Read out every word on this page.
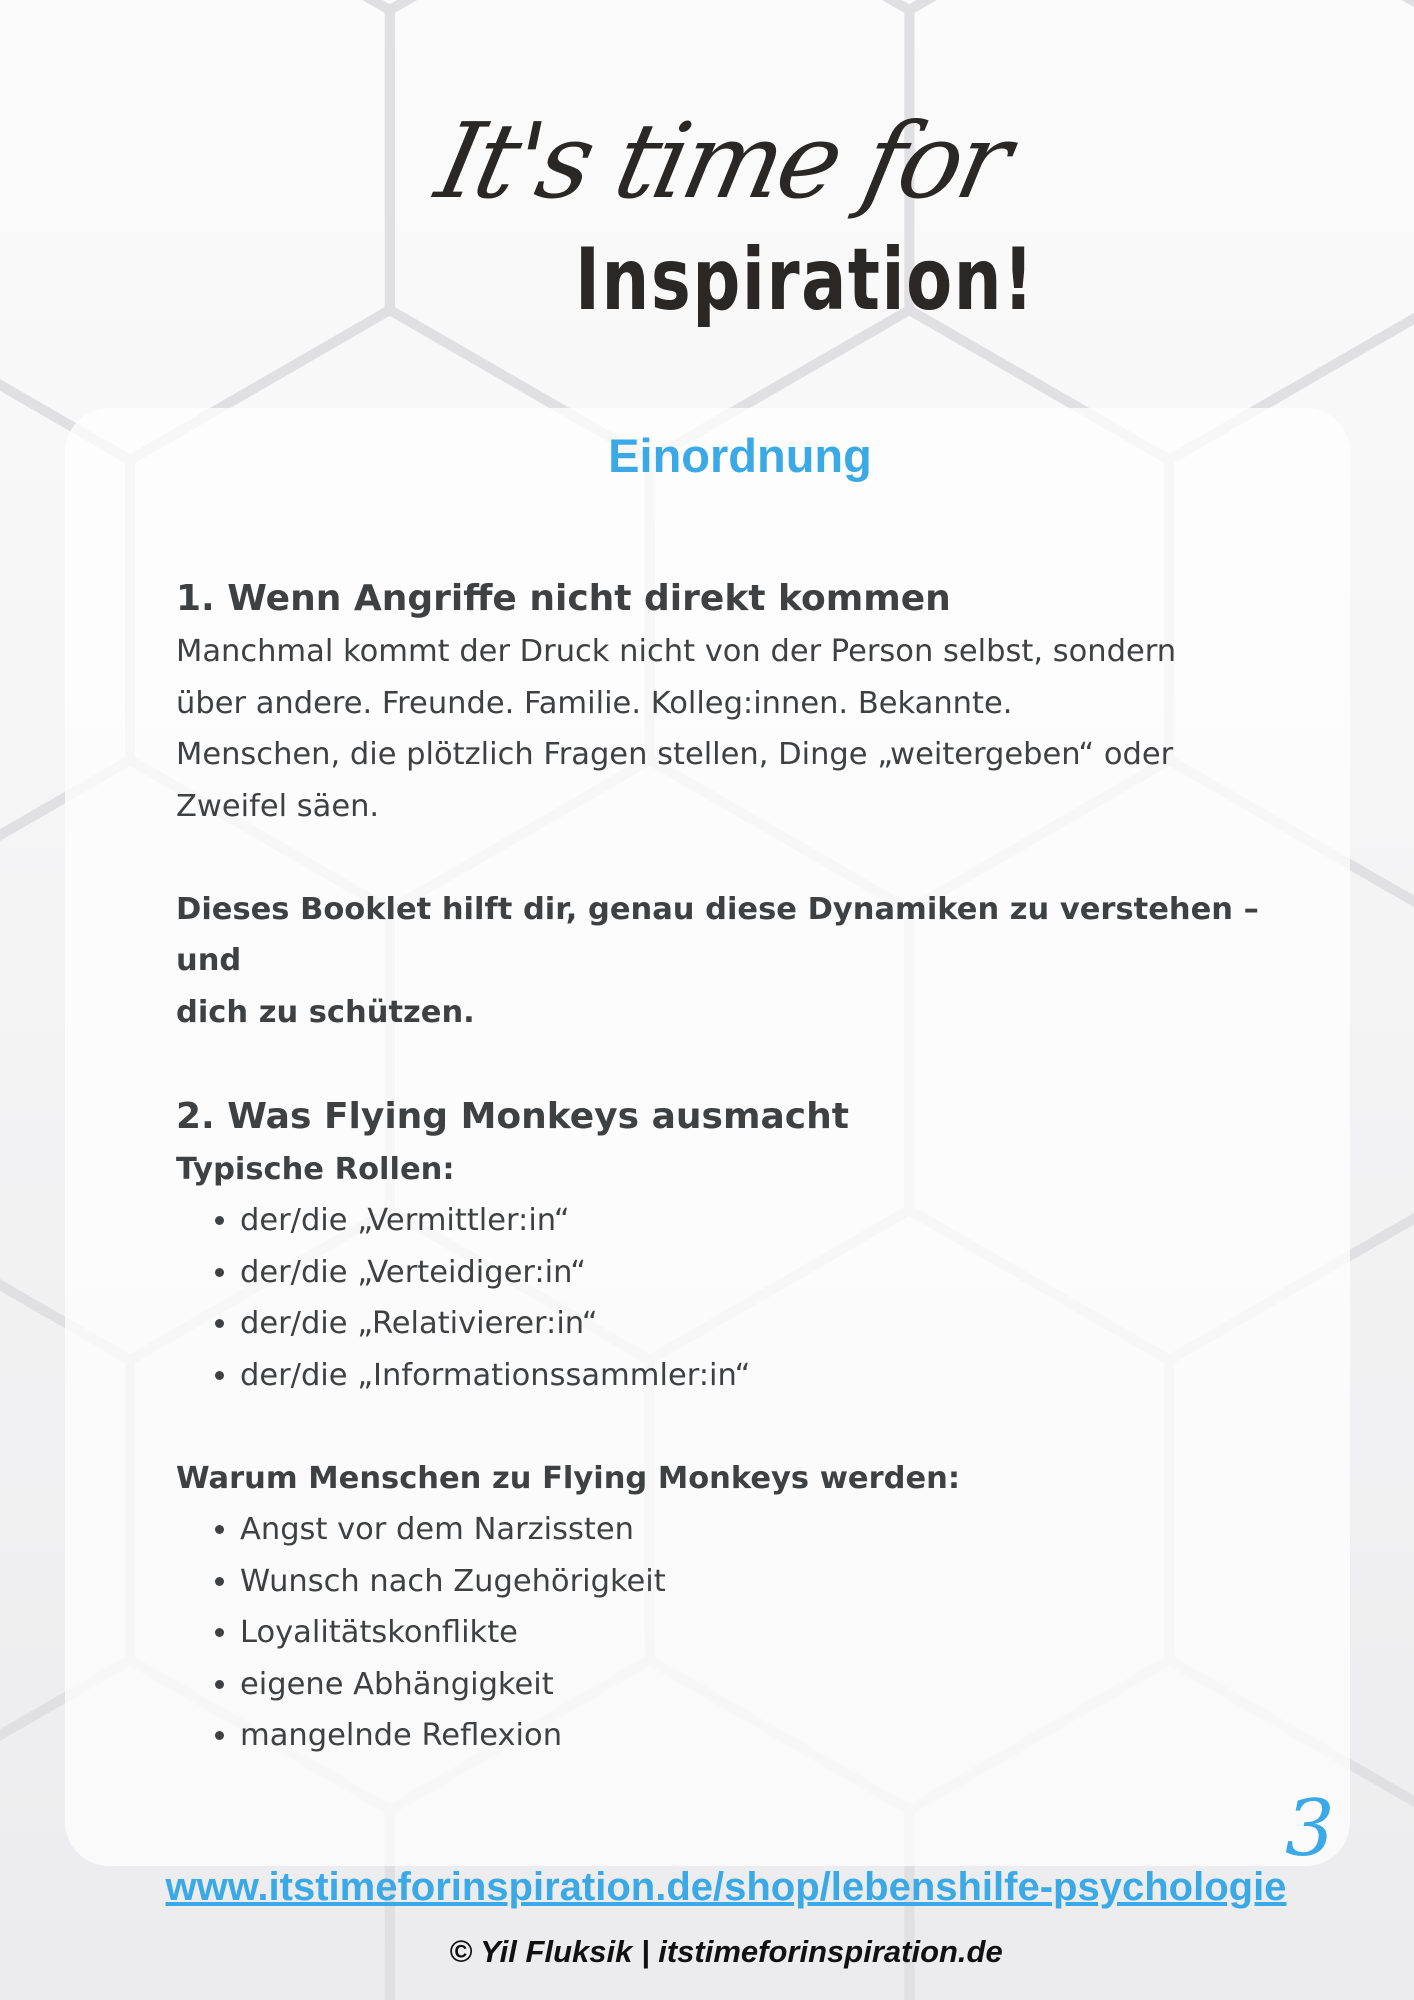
It's time for
Inspiration!
Einordnung
1. Wenn Angriffe nicht direkt kommen

Manchmal kommt der Druck nicht von der Person selbst, sondern

über andere. Freunde. Familie. Kolleg:innen. Bekannte.

Menschen, die plötzlich Fragen stellen, Dinge „weitergeben“ oder

Zweifel säen.

Dieses Booklet hilft dir, genau diese Dynamiken zu verstehen – und

dich zu schützen.

2. Was Flying Monkeys ausmacht

Typische Rollen:

• der/die „Vermittler:in“
• der/die „Verteidiger:in“
• der/die „Relativierer:in“
• der/die „Informationssammler:in“

Warum Menschen zu Flying Monkeys werden:

• Angst vor dem Narzissten
• Wunsch nach Zugehörigkeit
• Loyalitätskonflikte
• eigene Abhängigkeit
• mangelnde Reflexion
3
www.itstimeforinspiration.de/shop/lebenshilfe-psychologie
© Yil Fluksik | itstimeforinspiration.de
